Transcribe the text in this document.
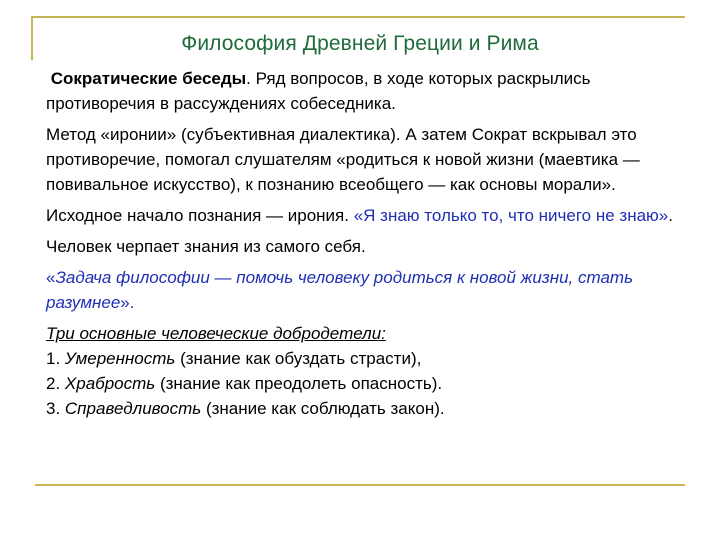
Философия Древней Греции и Рима

Сократические беседы. Ряд вопросов, в ходе которых раскрылись противоречия в рассуждениях собеседника.

Метод «иронии» (субъективная диалектика). А затем Сократ вскрывал это противоречие, помогал слушателям «родиться к новой жизни (маевтика — повивальное искусство), к познанию всеобщего — как основы морали».

Исходное начало познания — ирония. «Я знаю только то, что ничего не знаю».

Человек черпает знания из самого себя.

«Задача философии — помочь человеку родиться к новой жизни, стать разумнее».

Три основные человеческие добродетели:
1. Умеренность (знание как обуздать страсти),
2. Храбрость (знание как преодолеть опасность).
3. Справедливость (знание как соблюдать закон).
